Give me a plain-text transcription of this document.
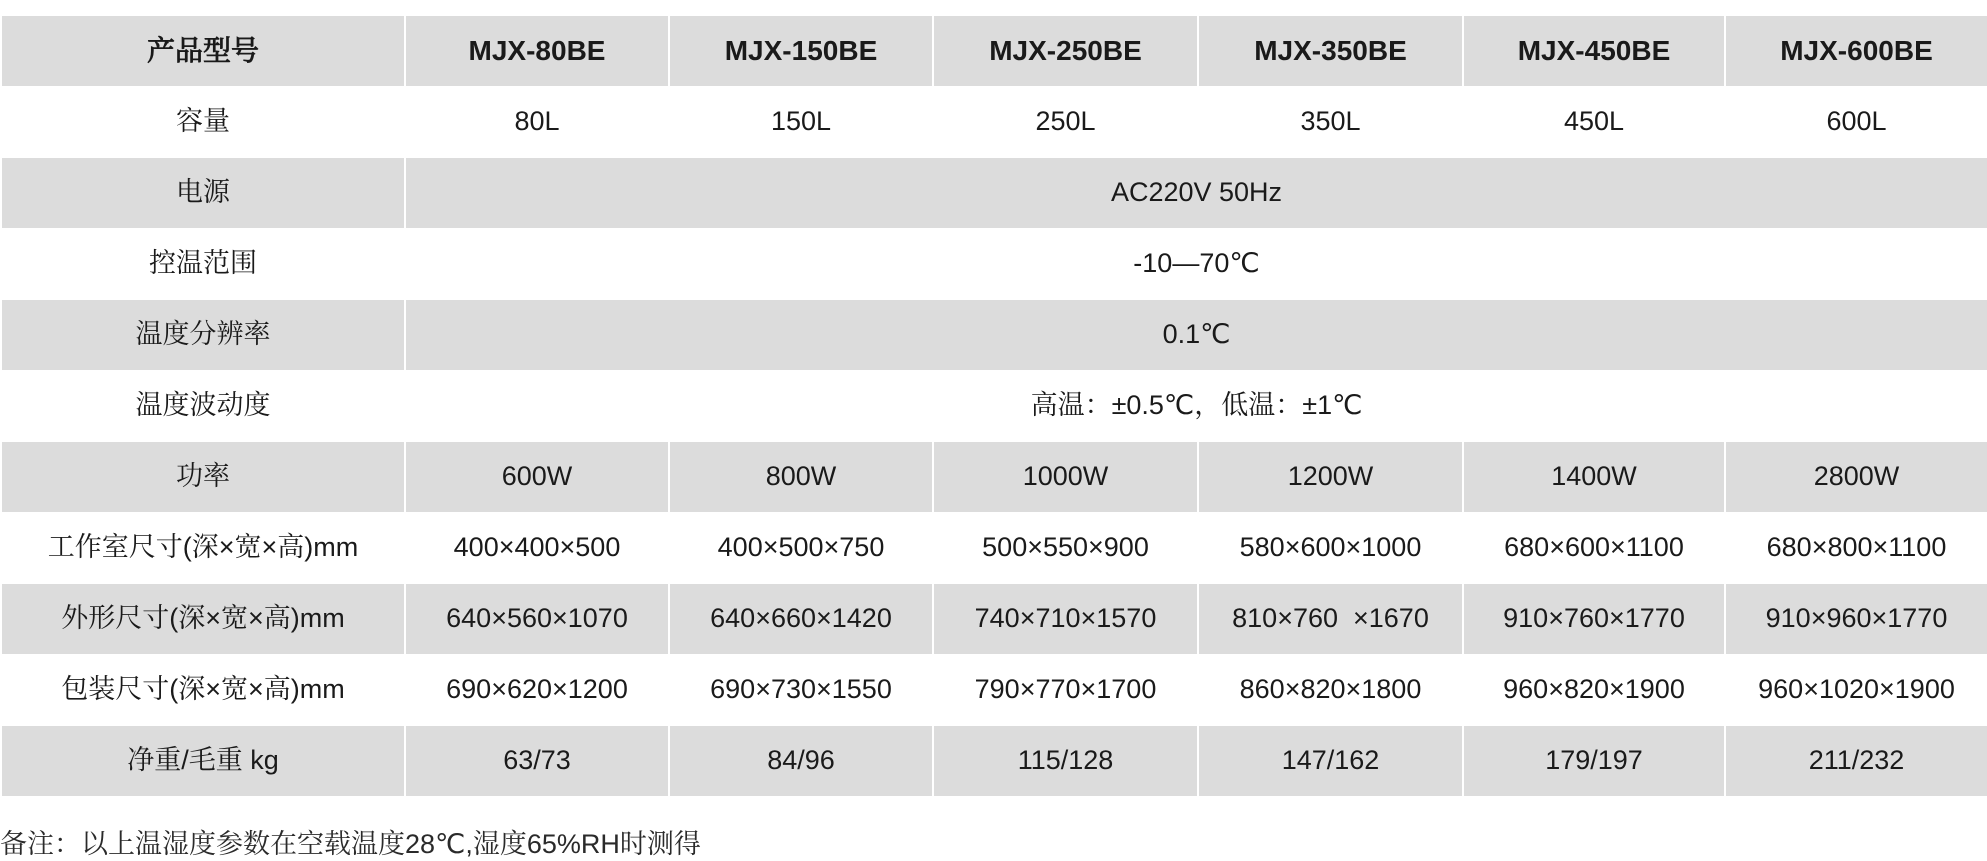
产品型号	MJX-80BE	MJX-150BE	MJX-250BE	MJX-350BE	MJX-450BE	MJX-600BE
容量	80L	150L	250L	350L	450L	600L
电源	AC220V 50Hz					
控温范围	-10—70℃					
温度分辨率	0.1℃					
温度波动度	高温：±0.5℃，低温：±1℃					
功率	600W	800W	1000W	1200W	1400W	2800W
工作室尺寸(深×宽×高)mm	400×400×500	400×500×750	500×550×900	580×600×1000	680×600×1100	680×800×1100
外形尺寸(深×宽×高)mm	640×560×1070	640×660×1420	740×710×1570	810×760  ×1670	910×760×1770	910×960×1770
包装尺寸(深×宽×高)mm	690×620×1200	690×730×1550	790×770×1700	860×820×1800	960×820×1900	960×1020×1900
净重/毛重 kg	63/73	84/96	115/128	147/162	179/197	211/232
备注：以上温湿度参数在空载温度28℃,湿度65%RH时测得
